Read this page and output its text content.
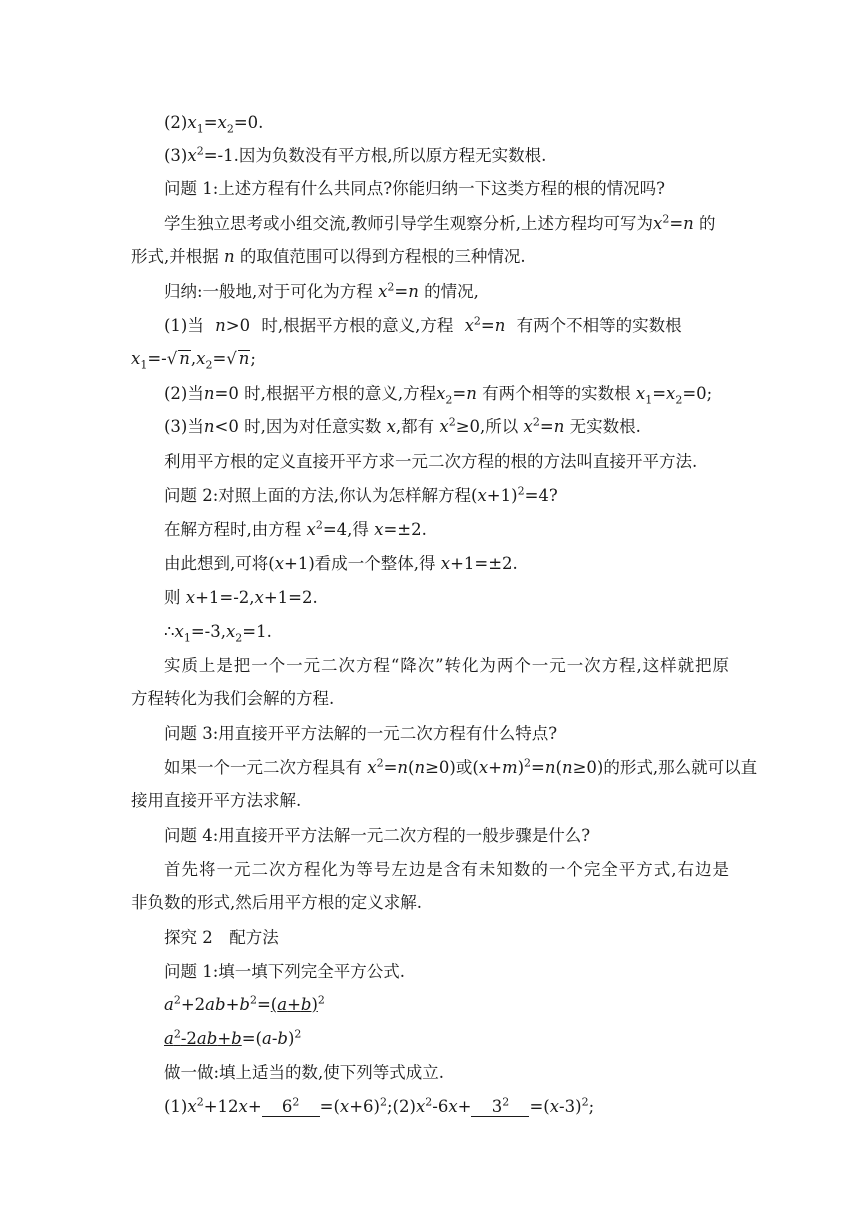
$(2)x_1=x_2=0$.
$(3)x^2=-1$.因为负数没有平方根,所以原方程无实数根.
问题 1:上述方程有什么共同点?你能归纳一下这类方程的根的情况吗?
学生独立思考或小组交流,教师引导学生观察分析,上述方程均可写为$x^2=n$ 的
形式,并根据 n 的取值范围可以得到方程根的三种情况.
归纳:一般地,对于可化为方程 $x^2=n$ 的情况,
(1)当 n>0 时,根据平方根的意义,方程 $x^2=n$ 有两个不相等的实数根
$x_1=-√$ $n,x_2=√$ n;
(2)当n=0 时,根据平方根的意义,方程$x_2=n$ 有两个相等的实数根 $x_1=x_2=0$;
(3)当n<0 时,因为对任意实数 x,都有 $x^2\ge 0$,所以 $x^2=n$ 无实数根.
利用平方根的定义直接开平方求一元二次方程的根的方法叫直接开平方法.
问题 2:对照上面的方法,你认为怎样解方程$(x+1)^2=4$?
在解方程时,由方程 $x^2=4$,得 x=±2.
由此想到,可将(x+1)看成一个整体,得 x+1=±2.
则 x+1=-2,x+1=2.
$\therefore x_1=-3,x_2=1$.
实质上是把一个一元二次方程“降次”转化为两个一元一次方程,这样就把原
方程转化为我们会解的方程.
问题 3:用直接开平方法解的一元二次方程有什么特点?
如果一个一元二次方程具有 $x^2=n(n\ge 0)$或$(x+m)^2=n(n\ge 0)$的形式,那么就可以直
接用直接开平方法求解.
问题 4:用直接开平方法解一元二次方程的一般步骤是什么?
首先将一元二次方程化为等号左边是含有未知数的一个完全平方式,右边是
非负数的形式,然后用平方根的定义求解.
探究 2　配方法
问题 1:填一填下列完全平方公式.
$a^2+2ab+b^2=(a+b)^2$
$a^2-2ab+b=(a-b)^2$
做一做:填上适当的数,使下列等式成立.
$(1)x^2+12x+ 6^2$ $=(x+6)^2;(2)x^2-6x+ 3^2 =(x-3)^2$;
